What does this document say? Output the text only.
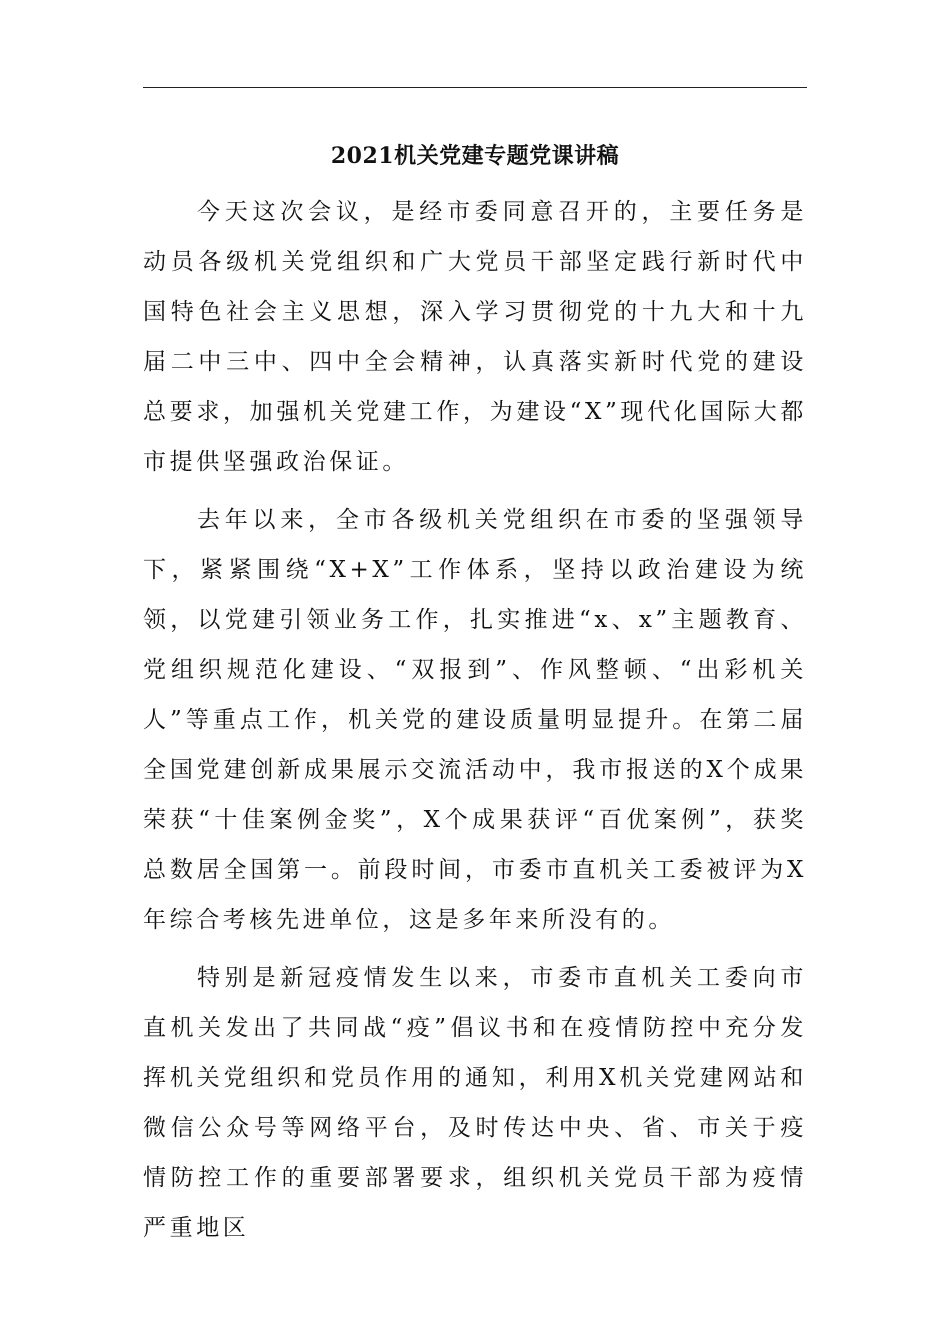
2021机关党建专题党课讲稿

今天这次会议，是经市委同意召开的，主要任务是动员各级机关党组织和广大党员干部坚定践行新时代中国特色社会主义思想，深入学习贯彻党的十九大和十九届二中三中、四中全会精神，认真落实新时代党的建设总要求，加强机关党建工作，为建设“X”现代化国际大都市提供坚强政治保证。

去年以来，全市各级机关党组织在市委的坚强领导下，紧紧围绕“X+X”工作体系，坚持以政治建设为统领，以党建引领业务工作，扎实推进“x、x”主题教育、党组织规范化建设、“双报到”、作风整顿、“出彩机关人”等重点工作，机关党的建设质量明显提升。在第二届全国党建创新成果展示交流活动中，我市报送的X个成果荣获“十佳案例金奖”，X个成果获评“百优案例”，获奖总数居全国第一。前段时间，市委市直机关工委被评为X年综合考核先进单位，这是多年来所没有的。

特别是新冠疫情发生以来，市委市直机关工委向市直机关发出了共同战“疫”倡议书和在疫情防控中充分发挥机关党组织和党员作用的通知，利用X机关党建网站和微信公众号等网络平台，及时传达中央、省、市关于疫情防控工作的重要部署要求，组织机关党员干部为疫情严重地区
